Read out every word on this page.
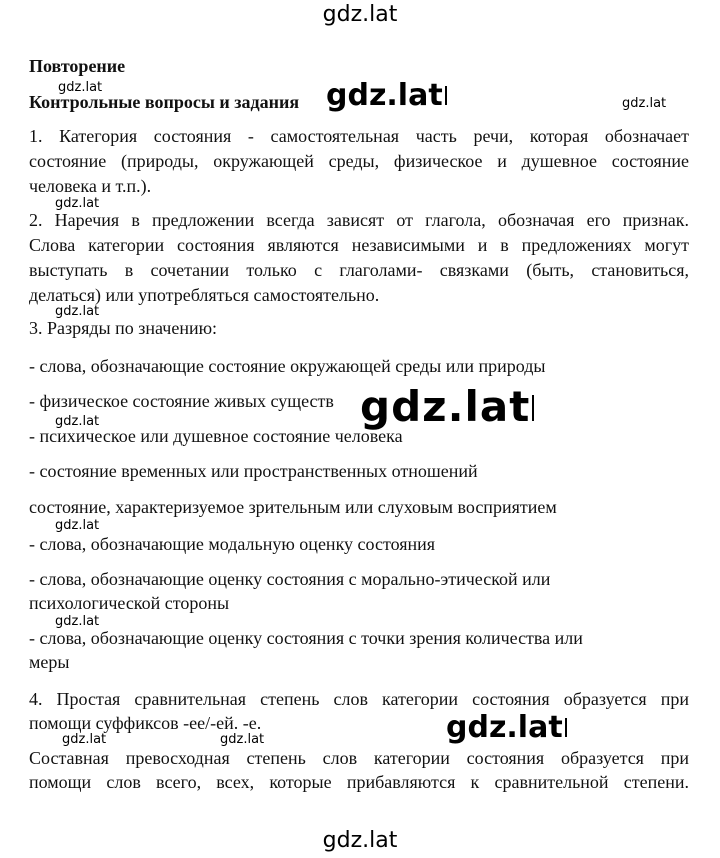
gdz.lat
Повторение
gdz.lat
Контрольные вопросы и задания gdz.lat	gdz.lat
1. Категория состояния - самостоятельная часть речи, которая обозначает
состояние (природы, окружающей среды, физическое и душевное состояние
человека и т.п.).
gdz.lat
2. Наречия в предложении всегда зависят от глагола, обозначая его признак.
Слова категории состояния являются независимыми и в предложениях могут
выступать в сочетании только с глаголами- связками (быть, становиться,
делаться) или употребляться самостоятельно.
gdz.lat
3. Разряды по значению:
- слова, обозначающие состояние окружающей среды или природы
- физическое состояние живых существ gdz.lat
gdz.lat
- психическое или душевное состояние человека
- состояние временных или пространственных отношений
состояние, характеризуемое зрительным или слуховым восприятием
gdz.lat
- слова, обозначающие модальную оценку состояния
- слова, обозначающие оценку состояния с морально-этической или
психологической стороны
gdz.lat
- слова, обозначающие оценку состояния с точки зрения количества или
меры
4. Простая сравнительная степень слов категории состояния образуется при
помощи суффиксов -ее/-ей. -е.	gdz.lat
gdz.lat	gdz.lat
Составная превосходная степень слов категории состояния образуется при
помощи слов всего, всех, которые прибавляются к сравнительной степени.
gdz.lat
